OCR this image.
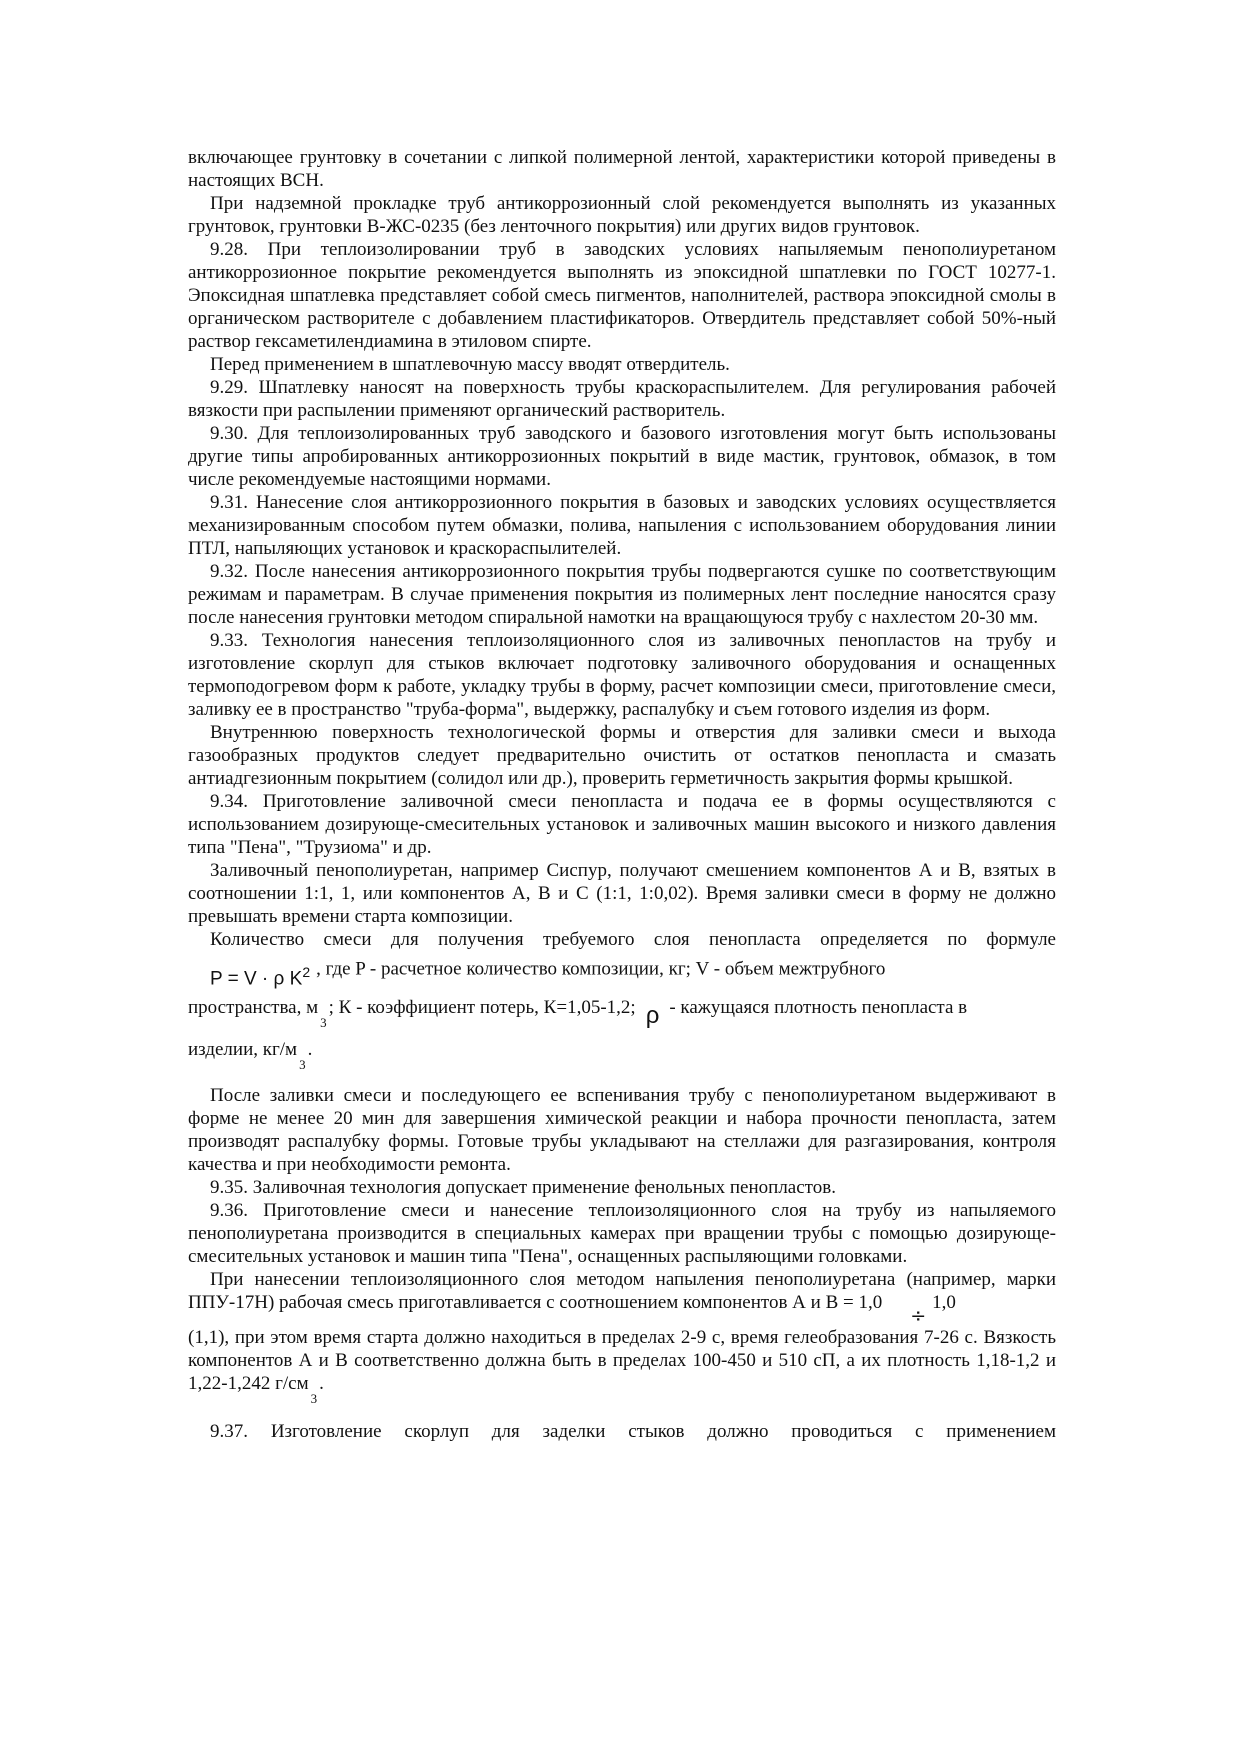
включающее грунтовку в сочетании с липкой полимерной лентой, характеристики которой приведены в настоящих ВСН.

При надземной прокладке труб антикоррозионный слой рекомендуется выполнять из указанных грунтовок, грунтовки В-ЖС-0235 (без ленточного покрытия) или других видов грунтовок.

9.28. При теплоизолировании труб в заводских условиях напыляемым пенополиуретаном антикоррозионное покрытие рекомендуется выполнять из эпоксидной шпатлевки по ГОСТ 10277-1. Эпоксидная шпатлевка представляет собой смесь пигментов, наполнителей, раствора эпоксидной смолы в органическом растворителе с добавлением пластификаторов. Отвердитель представляет собой 50%-ный раствор гексаметилендиамина в этиловом спирте.

Перед применением в шпатлевочную массу вводят отвердитель.

9.29. Шпатлевку наносят на поверхность трубы краскораспылителем. Для регулирования рабочей вязкости при распылении применяют органический растворитель.

9.30. Для теплоизолированных труб заводского и базового изготовления могут быть использованы другие типы апробированных антикоррозионных покрытий в виде мастик, грунтовок, обмазок, в том числе рекомендуемые настоящими нормами.

9.31. Нанесение слоя антикоррозионного покрытия в базовых и заводских условиях осуществляется механизированным способом путем обмазки, полива, напыления с использованием оборудования линии ПТЛ, напыляющих установок и краскораспылителей.

9.32. После нанесения антикоррозионного покрытия трубы подвергаются сушке по соответствующим режимам и параметрам. В случае применения покрытия из полимерных лент последние наносятся сразу после нанесения грунтовки методом спиральной намотки на вращающуюся трубу с нахлестом 20-30 мм.

9.33. Технология нанесения теплоизоляционного слоя из заливочных пенопластов на трубу и изготовление скорлуп для стыков включает подготовку заливочного оборудования и оснащенных термоподогревом форм к работе, укладку трубы в форму, расчет композиции смеси, приготовление смеси, заливку ее в пространство "труба-форма", выдержку, распалубку и съем готового изделия из форм.

Внутреннюю поверхность технологической формы и отверстия для заливки смеси и выхода газообразных продуктов следует предварительно очистить от остатков пенопласта и смазать антиадгезионным покрытием (солидол или др.), проверить герметичность закрытия формы крышкой.

9.34. Приготовление заливочной смеси пенопласта и подача ее в формы осуществляются с использованием дозирующе-смесительных установок и заливочных машин высокого и низкого давления типа "Пена", "Трузиома" и др.

Заливочный пенополиуретан, например Сиспур, получают смешением компонентов А и В, взятых в соотношении 1:1, 1, или компонентов А, В и С (1:1, 1:0,02). Время заливки смеси в форму не должно превышать времени старта композиции.

Количество смеси для получения требуемого слоя пенопласта определяется по формуле P = V · ρ $K^2$ , где P - расчетное количество композиции, кг; V - объем межтрубного

пространства, м3; К - коэффициент потерь, К=1,05-1,2; ρ - кажущаяся плотность пенопласта в

изделии, кг/м3.

После заливки смеси и последующего ее вспенивания трубу с пенополиуретаном выдерживают в форме не менее 20 мин для завершения химической реакции и набора прочности пенопласта, затем производят распалубку формы. Готовые трубы укладывают на стеллажи для разгазирования, контроля качества и при необходимости ремонта.

9.35. Заливочная технология допускает применение фенольных пенопластов.

9.36. Приготовление смеси и нанесение теплоизоляционного слоя на трубу из напыляемого пенополиуретана производится в специальных камерах при вращении трубы с помощью дозирующе-смесительных установок и машин типа "Пена", оснащенных распыляющими головками.

При нанесении теплоизоляционного слоя методом напыления пенополиуретана (например, марки ППУ-17Н) рабочая смесь приготавливается с соотношением компонентов А и В = 1,0÷1,0

(1,1), при этом время старта должно находиться в пределах 2-9 с, время гелеобразования 7-26 с. Вязкость компонентов А и В соответственно должна быть в пределах 100-450 и 510 сП, а их плотность 1,18-1,2 и 1,22-1,242 г/см3.

9.37. Изготовление скорлуп для заделки стыков должно проводиться с применением
